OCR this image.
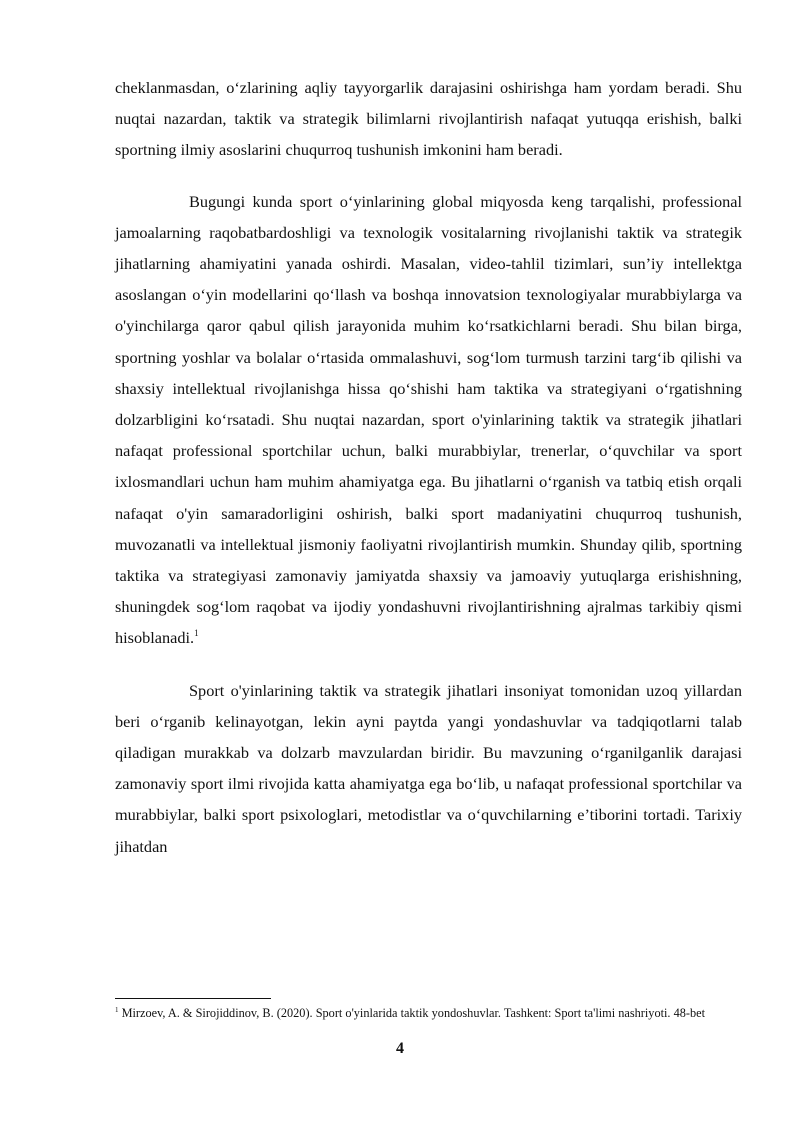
cheklanmasdan, o‘zlarining aqliy tayyorgarlik darajasini oshirishga ham yordam beradi. Shu nuqtai nazardan, taktik va strategik bilimlarni rivojlantirish nafaqat yutuqqa erishish, balki sportning ilmiy asoslarini chuqurroq tushunish imkonini ham beradi.

Bugungi kunda sport o‘yinlarining global miqyosda keng tarqalishi, professional jamoalarning raqobatbardoshligi va texnologik vositalarning rivojlanishi taktik va strategik jihatlarning ahamiyatini yanada oshirdi. Masalan, video-tahlil tizimlari, sun’iy intellektga asoslangan o‘yin modellarini qo‘llash va boshqa innovatsion texnologiyalar murabbiylarga va o'yinchilarga qaror qabul qilish jarayonida muhim ko‘rsatkichlarni beradi. Shu bilan birga, sportning yoshlar va bolalar o‘rtasida ommalashuvi, sog‘lom turmush tarzini targ‘ib qilishi va shaxsiy intellektual rivojlanishga hissa qo‘shishi ham taktika va strategiyani o‘rgatishning dolzarbligini ko‘rsatadi. Shu nuqtai nazardan, sport o'yinlarining taktik va strategik jihatlari nafaqat professional sportchilar uchun, balki murabbiylar, trenerlar, o‘quvchilar va sport ixlosmandlari uchun ham muhim ahamiyatga ega. Bu jihatlarni o‘rganish va tatbiq etish orqali nafaqat o'yin samaradorligini oshirish, balki sport madaniyatini chuqurroq tushunish, muvozanatli va intellektual jismoniy faoliyatni rivojlantirish mumkin. Shunday qilib, sportning taktika va strategiyasi zamonaviy jamiyatda shaxsiy va jamoaviy yutuqlarga erishishning, shuningdek sog‘lom raqobat va ijodiy yondashuvni rivojlantirishning ajralmas tarkibiy qismi hisoblanadi.$^1$

Sport o'yinlarining taktik va strategik jihatlari insoniyat tomonidan uzoq yillardan beri o‘rganib kelinayotgan, lekin ayni paytda yangi yondashuvlar va tadqiqotlarni talab qiladigan murakkab va dolzarb mavzulardan biridir. Bu mavzuning o‘rganilganlik darajasi zamonaviy sport ilmi rivojida katta ahamiyatga ega bo‘lib, u nafaqat professional sportchilar va murabbiylar, balki sport psixologlari, metodistlar va o‘quvchilarning e’tiborini tortadi. Tarixiy jihatdan

$^1$ Mirzoev, A. & Sirojiddinov, B. (2020). Sport o'yinlarida taktik yondoshuvlar. Tashkent: Sport ta'limi nashriyoti. 48-bet
4
